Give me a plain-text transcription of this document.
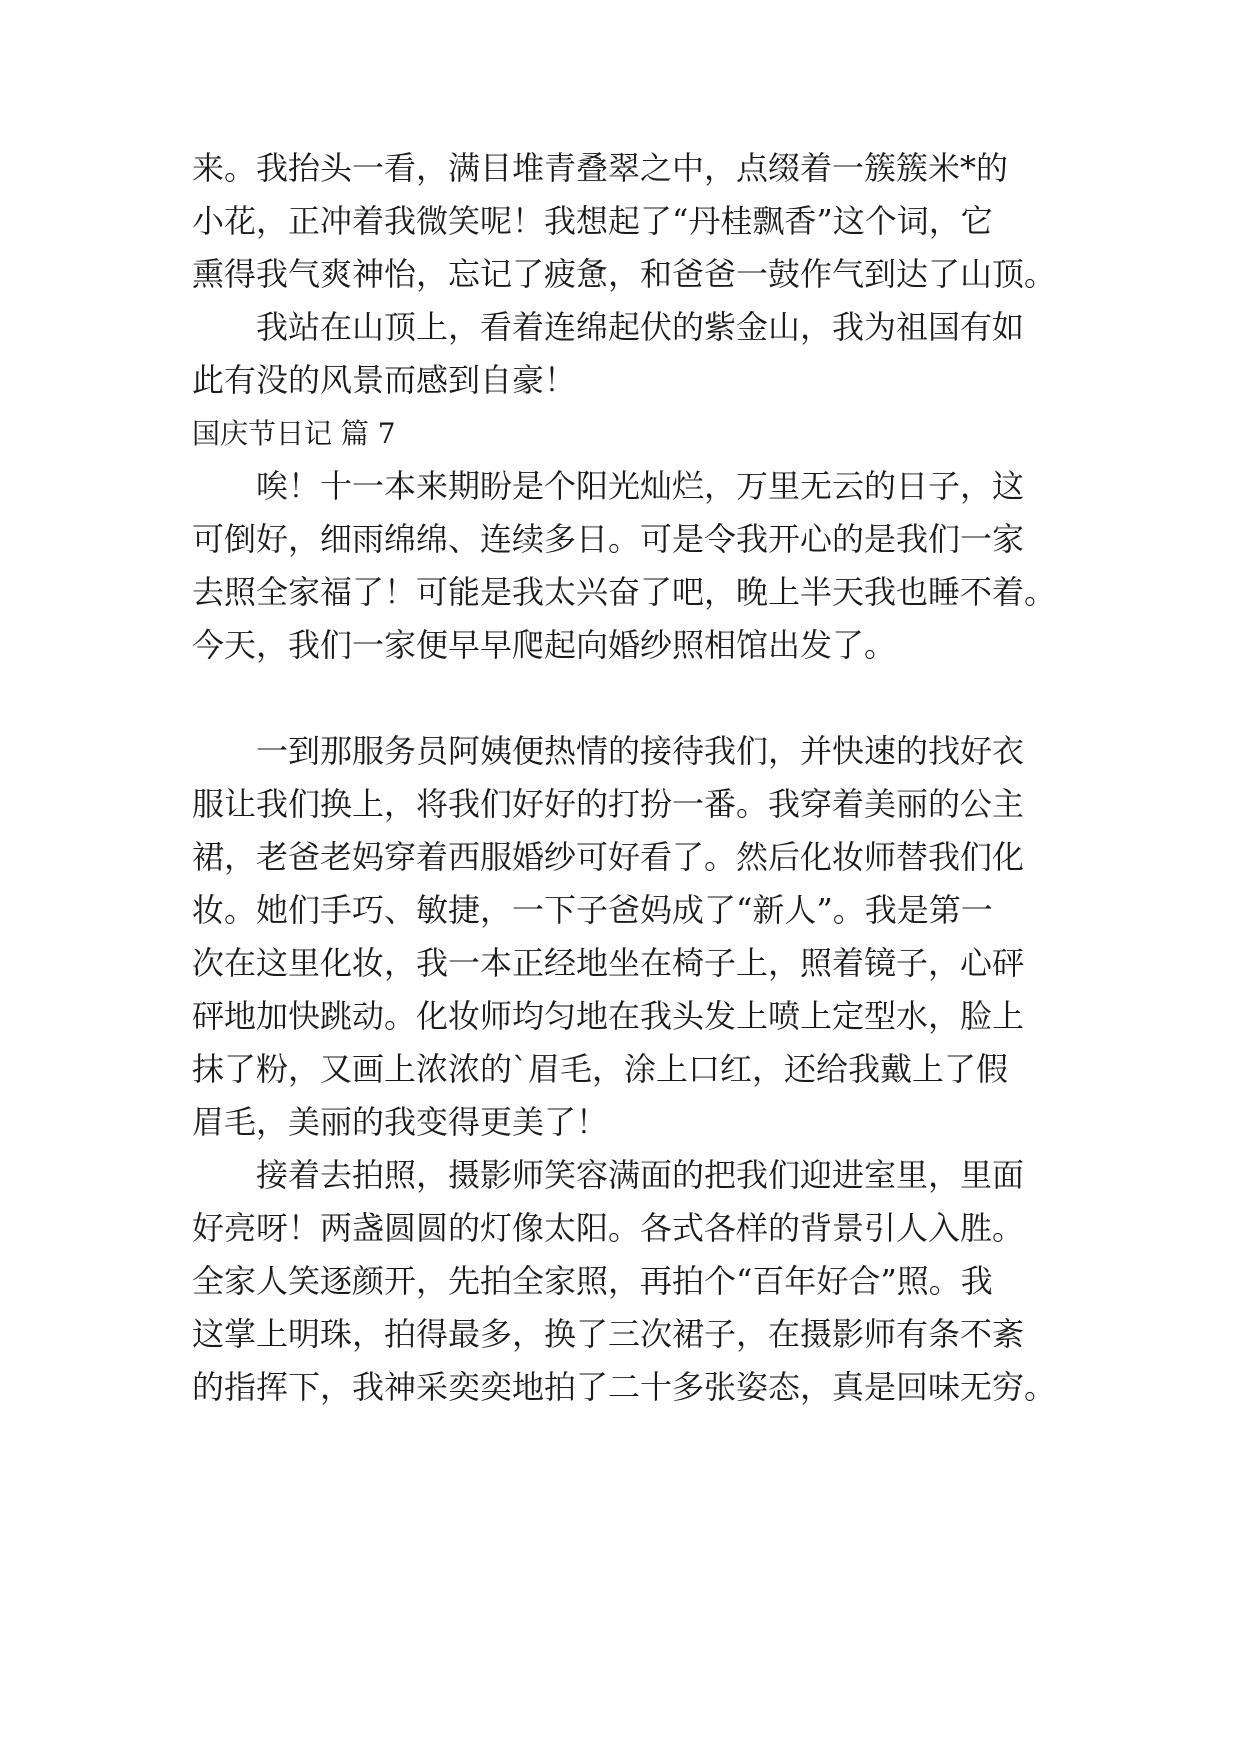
来。我抬头一看，满目堆青叠翠之中，点缀着一簇簇米*的
小花，正冲着我微笑呢！我想起了“丹桂飘香”这个词，它
熏得我气爽神怡，忘记了疲惫，和爸爸一鼓作气到达了山顶。
我站在山顶上，看着连绵起伏的紫金山，我为祖国有如
此有没的风景而感到自豪！
国庆节日记 篇 7
唉！十一本来期盼是个阳光灿烂，万里无云的日子，这
可倒好，细雨绵绵、连续多日。可是令我开心的是我们一家
去照全家福了！可能是我太兴奋了吧，晚上半天我也睡不着。
今天，我们一家便早早爬起向婚纱照相馆出发了。
一到那服务员阿姨便热情的接待我们，并快速的找好衣
服让我们换上，将我们好好的打扮一番。我穿着美丽的公主
裙，老爸老妈穿着西服婚纱可好看了。然后化妆师替我们化
妆。她们手巧、敏捷，一下子爸妈成了“新人”。我是第一
次在这里化妆，我一本正经地坐在椅子上，照着镜子，心砰
砰地加快跳动。化妆师均匀地在我头发上喷上定型水，脸上
抹了粉，又画上浓浓的`眉毛，涂上口红，还给我戴上了假
眉毛，美丽的我变得更美了！
接着去拍照，摄影师笑容满面的把我们迎进室里，里面
好亮呀！两盏圆圆的灯像太阳。各式各样的背景引人入胜。
全家人笑逐颜开，先拍全家照，再拍个“百年好合”照。我
这掌上明珠，拍得最多，换了三次裙子，在摄影师有条不紊
的指挥下，我神采奕奕地拍了二十多张姿态，真是回味无穷。
